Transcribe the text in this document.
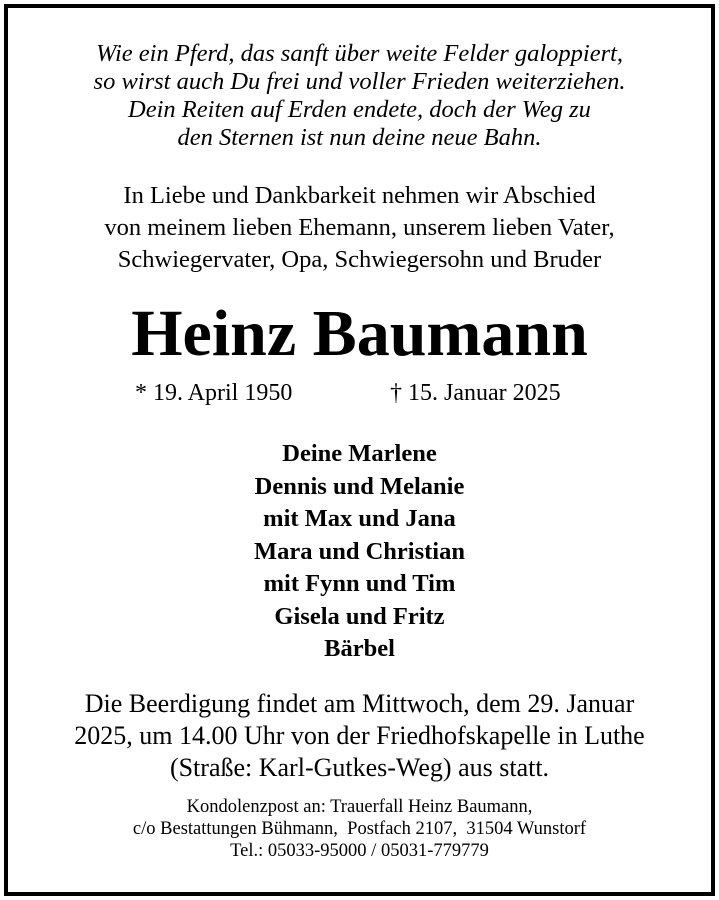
Wie ein Pferd, das sanft über weite Felder galoppiert,
so wirst auch Du frei und voller Frieden weiterziehen.
Dein Reiten auf Erden endete, doch der Weg zu
den Sternen ist nun deine neue Bahn.

In Liebe und Dankbarkeit nehmen wir Abschied
von meinem lieben Ehemann, unserem lieben Vater,
Schwiegervater, Opa, Schwiegersohn und Bruder

Heinz Baumann
* 19. April 1950	† 15. Januar 2025

Deine Marlene
Dennis und Melanie
mit Max und Jana
Mara und Christian
mit Fynn und Tim
Gisela und Fritz
Bärbel

Die Beerdigung findet am Mittwoch, dem 29. Januar
2025, um 14.00 Uhr von der Friedhofskapelle in Luthe
(Straße: Karl-Gutkes-Weg) aus statt.

Kondolenzpost an: Trauerfall Heinz Baumann,
c/o Bestattungen Bühmann,  Postfach 2107,  31504 Wunstorf
Tel.: 05033-95000 / 05031-779779
